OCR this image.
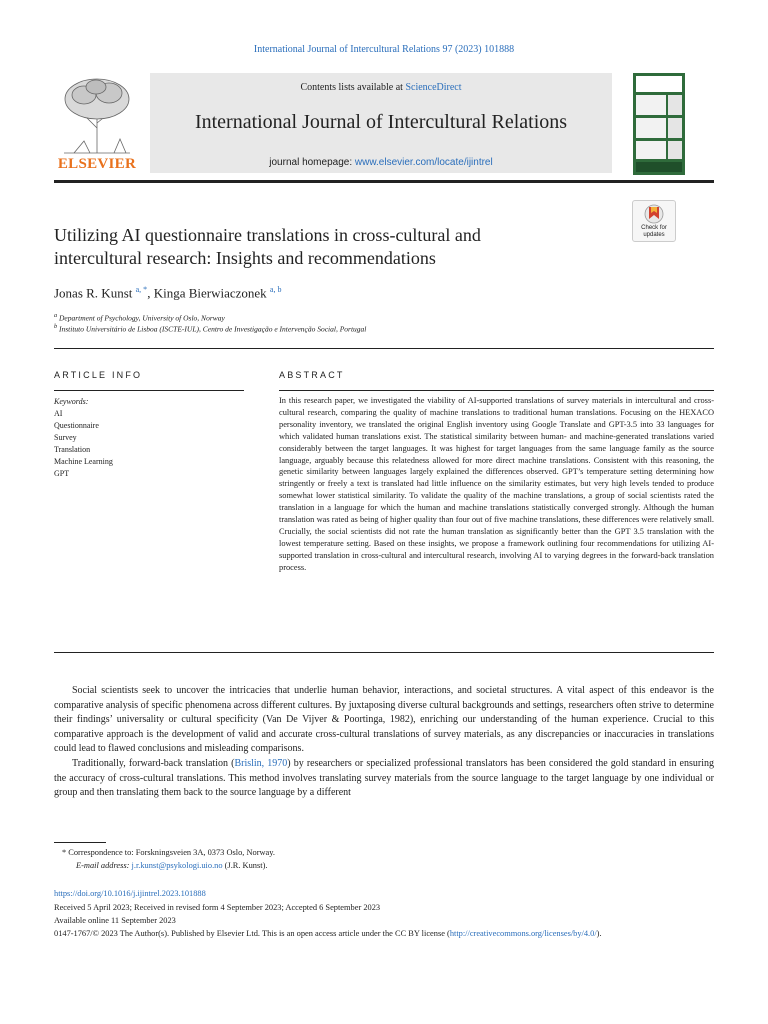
International Journal of Intercultural Relations 97 (2023) 101888
ELSEVIER
Contents lists available at ScienceDirect
International Journal of Intercultural Relations
journal homepage: www.elsevier.com/locate/ijintrel
Utilizing AI questionnaire translations in cross-cultural and
intercultural research: Insights and recommendations
Check for
updates
Jonas R. Kunst $^{a, *}$, Kinga Bierwiaczonek $^{a, b}$
$^a$ Department of Psychology, University of Oslo, Norway
$^b$ Instituto Universitário de Lisboa (ISCTE-IUL), Centro de Investigação e Intervenção Social, Portugal
ARTICLE INFO
Keywords:
AI
Questionnaire
Survey
Translation
Machine Learning
GPT
ABSTRACT
In this research paper, we investigated the viability of AI-supported translations of survey materials in intercultural and cross-cultural research, comparing the quality of machine translations to traditional human translations. Focusing on the HEXACO personality inventory, we translated the original English inventory using Google Translate and GPT-3.5 into 33 languages for which validated human translations exist. The statistical similarity between human- and machine-generated translations varied considerably between the target languages. It was highest for target languages from the same language family as the source language, arguably because this relatedness allowed for more direct machine translations. Consistent with this reasoning, the genetic similarity between languages largely explained the differences observed. GPT’s temperature setting determining how stringently or freely a text is translated had little influence on the similarity estimates, but very high levels tended to produce somewhat lower statistical similarity. To validate the quality of the machine translations, a group of social scientists rated the translation in a language for which the human and machine translations statistically converged strongly. Although the human translation was rated as being of higher quality than four out of five machine translations, these differences were relatively small. Crucially, the social scientists did not rate the human translation as significantly better than the GPT 3.5 translation with the lowest temperature setting. Based on these insights, we propose a framework outlining four recommendations for utilizing AI-supported translation in cross-cultural and intercultural research, involving AI to varying degrees in the forward-back translation process.

Social scientists seek to uncover the intricacies that underlie human behavior, interactions, and societal structures. A vital aspect of this endeavor is the comparative analysis of specific phenomena across different cultures. By juxtaposing diverse cultural backgrounds and settings, researchers often strive to determine their findings’ universality or cultural specificity (Van De Vijver & Poortinga, 1982), enriching our understanding of the human experience. Crucial to this comparative approach is the development of valid and accurate cross-cultural translations of survey materials, as any discrepancies or inaccuracies in translations could lead to flawed conclusions and misleading comparisons.

Traditionally, forward-back translation (Brislin, 1970) by researchers or specialized professional translators has been considered the gold standard in ensuring the accuracy of cross-cultural translations. This method involves translating survey materials from the source language to the target language by one individual or group and then translating them back to the source language by a different

* Correspondence to: Forskningsveien 3A, 0373 Oslo, Norway.
E-mail address: j.r.kunst@psykologi.uio.no (J.R. Kunst).
https://doi.org/10.1016/j.ijintrel.2023.101888
Received 5 April 2023; Received in revised form 4 September 2023; Accepted 6 September 2023
Available online 11 September 2023
0147-1767/© 2023 The Author(s). Published by Elsevier Ltd. This is an open access article under the CC BY license (http://creativecommons.org/licenses/by/4.0/).
